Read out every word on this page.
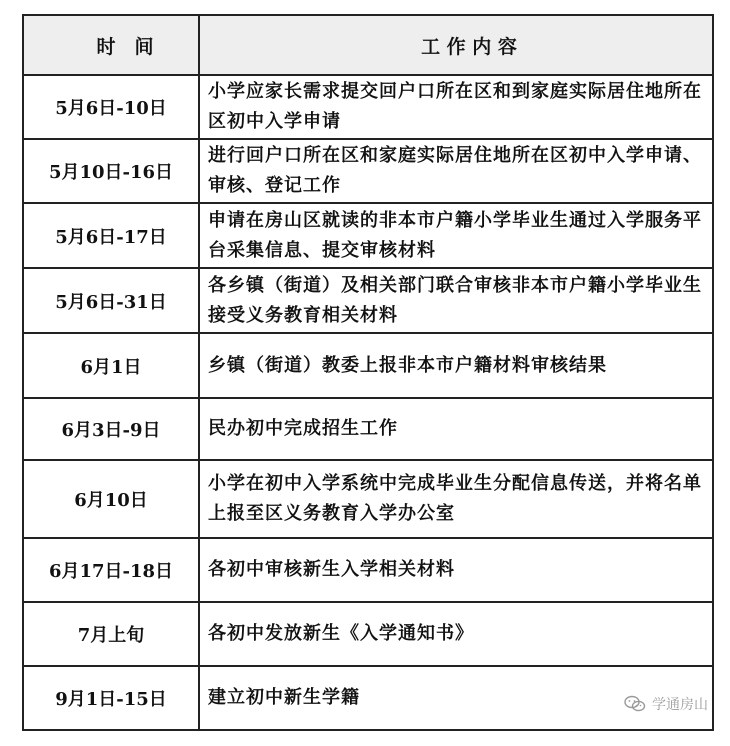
时　间	工 作 内 容
5月6日-10日	小学应家长需求提交回户口所在区和到家庭实际居住地所在区初中入学申请
5月10日-16日	进行回户口所在区和家庭实际居住地所在区初中入学申请、审核、登记工作
5月6日-17日	申请在房山区就读的非本市户籍小学毕业生通过入学服务平台采集信息、提交审核材料
5月6日-31日	各乡镇（街道）及相关部门联合审核非本市户籍小学毕业生接受义务教育相关材料
6月1日	乡镇（街道）教委上报非本市户籍材料审核结果
6月3日-9日	民办初中完成招生工作
6月10日	小学在初中入学系统中完成毕业生分配信息传送，并将名单上报至区义务教育入学办公室
6月17日-18日	各初中审核新生入学相关材料
7月上旬	各初中发放新生《入学通知书》
9月1日-15日	建立初中新生学籍	学通房山
